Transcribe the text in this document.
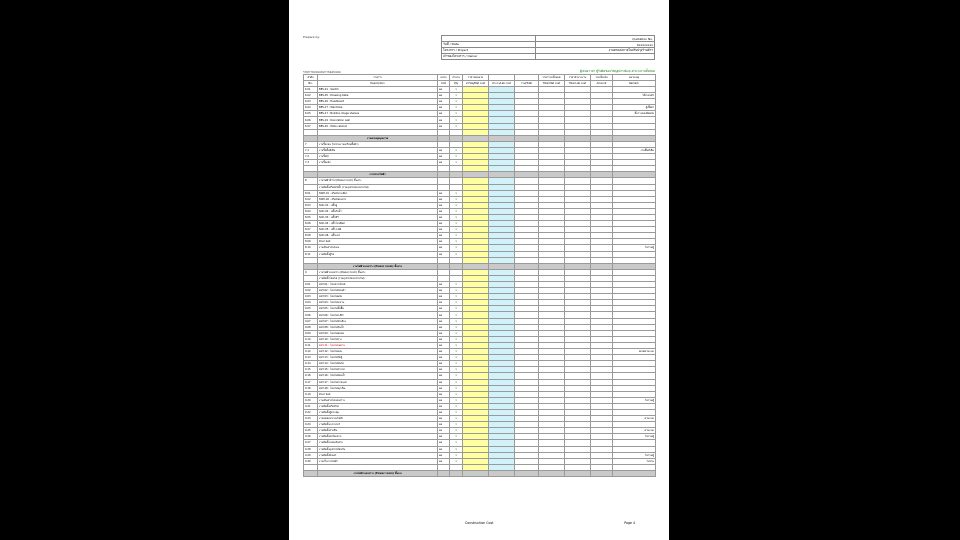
Prepare by:
		Quotation No.
วันที่ / Date	Xxxxxxxxx
โครงการ / Project	งานตกแต่งภายในปรับปรุงร้านค้าฯ
เจ้าของโครงการ / Owner	
รายการแบบและการออกแบบ	ผู้เสนอราคา ผู้รับผิดชอบวัสดุอุปกรณ์และค่าแรงงานทั้งหมด
ลำดับ	รายการ	หน่วย	จำนวน	ราคาต่อหน่วย			ราคารวมทั้งหมด	ราคาค่าแรงงาน	รวมเป็นเงิน	หมายเหตุ
No.	Description	Unit	Qty	ค่าวัสดุ/Mat cost	ค่าแรง/Lab cost	รวม/Total	Total Mat cost	Total Lab cost	Amount	Remark
6.01	BES-01 : Switch	ea	1							
6.02	BES-05 : Dressing table	ea	1							โต๊ะแต่งตัว
6.03	BES-16 : Headboard	ea	1							
6.04	BES-17 : Wardrobe	ea	1							ตู้เสื้อผ้า
6.05	BES-17 : Buildins image shelves	ea	1							ชั้นวางของติดผนัง
6.06	BES-19 : Decoration wall	ea	1							
6.07	BES-20 : Wide cabinet	ea	1							

	งานควบคุมคุณภาพ									
7	งานรื้อถอน (ไม่รวมงานเตรียมพื้นผิว)									
7.1	งานรื้อพื้นที่เดิม	ea	1							งานพื้นที่เดิม
7.2	งานรื้อฝ้า	ea	1							
7.3	งานรื้อผนัง	ea	1							

	งานระบบไฟฟ้า									
8	งานไฟฟ้าทั่วไป (Power room) ชั้นล่าง									
	งานติดตั้งสวิตช์/ปลั๊ก (รวมอุปกรณ์และสายไฟ)									
8.01	SWH-01 : สวิตช์ทางเดียว	ea	1							
8.02	SWH-02 : สวิตช์สองทาง	ea	1							
8.03	SOC-01 : ปลั๊กคู่	ea	1							
8.04	SOC-02 : ปลั๊กกันน้ำ	ea	1							
8.05	SOC-03 : ปลั๊กทีวี	ea	1							
8.06	SOC-04 : ปลั๊กโทรศัพท์	ea	1							
8.07	SOC-05 : ปลั๊ก LAN	ea	1							
8.08	SOC-06 : ปลั๊กแอร์	ea	1							
8.09	Door bell	ea	1							
8.10	งานเดินสายไฟเมน	ea	1							ไม่รวมตู้
8.11	งานติดตั้งตู้ไฟ	ea	1							

	งานไฟฟ้าแสงสว่าง (Power room) ชั้นล่าง									
9	งานไฟฟ้าแสงสว่าง (Power room) ชั้นล่าง									
	งานติดตั้งโคมไฟ (รวมอุปกรณ์และสายไฟ)									
9.01	LGT-01 : โคมดาวน์ไลท์	ea	1							
9.02	LGT-02 : โคมไฟซ่อนฝ้า	ea	1							
9.03	LGT-03 : โคมไฟผนัง	ea	1							
9.04	LGT-04 : โคมไฟแขวน	ea	1							
9.05	LGT-05 : โคมไฟตั้งพื้น	ea	1							
9.06	LGT-06 : โคมไฟ LED	ea	1							
9.07	LGT-07 : โคมไฟหัวเตียง	ea	1							
9.08	LGT-08 : โคมไฟกันน้ำ	ea	1							
9.09	LGT-09 : โคมไฟสปอต	ea	1							
9.10	LGT-10 : โคมไฟราง	ea	1							
9.11	LGT-11 : โคมไฟเพดาน	ea	1							
9.12	LGT-12 : โคมไฟแต่ง	ea	1							สเปคตามแบบ
9.13	LGT-13 : โคมไฟใต้ตู้	ea	1							
9.14	LGT-14 : โคมไฟบันได	ea	1							
9.15	LGT-15 : โคมไฟกระจก	ea	1							
9.16	LGT-16 : โคมไฟห้องน้ำ	ea	1							
9.17	LGT-17 : โคมไฟภายนอก	ea	1							
9.18	LGT-18 : โคมไฟฉุกเฉิน	ea	1							
9.19	Door bell	ea	1							
9.20	งานเดินสายไฟแสงสว่าง	ea	1							ไม่รวมตู้
9.21	งานติดตั้งสวิตช์ไฟ	ea	1							
9.22	งานติดตั้งตู้ควบคุม	ea	1							
9.23	งานทดสอบระบบไฟฟ้า	ea	1							ตามแบบ
9.24	งานติดตั้งเบรกเกอร์	ea	1							
9.25	งานติดตั้งสายดิน	ea	1							ตามแบบ
9.26	งานติดตั้งท่อร้อยสาย	ea	1							ไม่รวมตู้
9.27	งานติดตั้งกล่องพักสาย	ea	1							
9.28	งานติดตั้งอุปกรณ์ป้องกัน	ea	1							
9.29	งานติดตั้งมิเตอร์	ea	1							ไม่รวมตู้
9.30	งานเก็บงานไฟฟ้า	ea	1							ไม่รวม

	งานไฟฟ้าแสงสว่าง (Power room) ชั้นบน									
Construction Cost	Page 4
